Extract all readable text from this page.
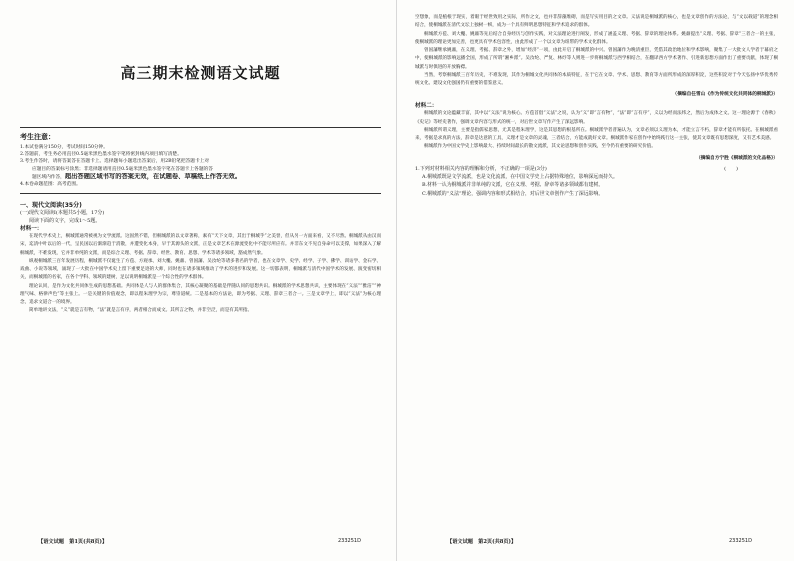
高三期末检测语文试题
考生注意：
1.本试卷满分150分，考试时间150分钟。
2.答题前，考生务必用直径0.5毫米黑色墨水签字笔将密封线内项目填写清楚。
3.考生作答时，请将答案答在答题卡上。选择题每小题选出答案后，用2B铅笔把答题卡上对
应题目的答案标号涂黑；非选择题请用直径0.5毫米黑色墨水签字笔在答题卡上各题的答
题区域内作答，超出答题区域书写的答案无效，在试题卷、草稿纸上作答无效。
4.本卷命题范围：高考范围。
一、现代文阅读(35分)
(一)现代文阅读Ⅰ(本题共5小题，17分)
阅读下面的文字，完成1～5题。
材料一：

在现代学术史上，桐城派通常被视为文学流派。这固然不错，但桐城派的以文章著称，素有“天下文章，其出于桐城乎”之美誉，但从另一方面来看，又不尽然。桐城派从由汉而宋，迄清中叶以后的一代，呈民国以后渐渐趋于消散，并遭变化本身，早于其源头的文派，正是文章艺术在源流变化中不能尽所应有。并非东文不见自身命可以支撑，如果深入了解桐城派，不难发现，它并非单纯的文派，而是综合义理、考据、辞章、经世、教育、思想、学术等诸多领域，豁成然气象。

纵观桐城派三百年发展历程，桐城派不仅诞生了方苞、方观承、刘大櫆、姚鼐、曾国藩、吴汝纶等诸多著名的学者，也在文章学、史学、经学、子学、佛学、训诂学、金石学、戏曲、小说等领域，涌现了一大批在中国学术史上留下重要足迹的大师，同时也在诸多领域推动了学术的进步和发展。这一切都表明，桐城派与清代中国学术的发展、演变密切相关，而桐城派的名家，在各个学科、领域的建树，足以说明桐城派是一个综合性的学术群体。

理论认同，是作为文化共同体生成的思想基础。共同体是人与人的群体集合，其核心凝聚的基础是伴随认同的思想共识。桐城派的学术思想共识，主要体现在“义法”“雅洁”“神理气味、格律声色”等主张上。一是关键的价值观念，即以程朱理学为宗，尊崇道统。二是基本的方法论，即为考据、义理、辞章三者合一。三是文章学上，即以“义法”为核心理念，追求文道合一的境界。

简单地讲文法，“义”就是言有物，“法”就是言有序，两者相合而成文。其所言之物，并非空泛，而是有其所指。

【语文试题　第1页(共8页)】	233251D

空想象，而是植根于现实，着眼于经世致用之实际，所作之文，也并非辞藻堆砌，而是写实用目的之文章。义法说是桐城派的核心，也是文章创作的方法论，与“文以载道”的理念相结合，使桐城派在清代文坛上独树一帜，成为一个具有鲜明思想特征和学术追求的群体。

桐城派方苞、刘大櫆、姚鼐等先后结合自身经历与创作实践，对义法理论进行阐发，形成了涵盖义理、考据、辞章的理论体系。姚鼐提出“义理、考据、辞章”三者合一的主张，使桐城派的理论更加完善，也更具有学术包容性，由此形成了一个以文章为纽带的学术文化群体。

曾国藩继承姚鼐，在义理、考据、辞章之外，增加“经济”一项，由此开启了桐城派的中兴。曾国藩作为晚清重臣，凭借其政治地位和学术影响，聚集了一大批文人学者于幕府之中，使桐城派的影响远播全国，形成了所谓“湘乡派”。吴汝纶、严复、林纾等人则进一步将桐城派与西学相结合，在翻译西方学术著作、引进新思想方面作出了重要贡献，体现了桐城派与时俱进的开放胸襟。

当然，考察桐城派三百年历史，不难发现，其作为桐城文化共同体的本质特征，在于它在文章、学术、思想、教育等方面所形成的深厚积淀，这些积淀对于今天弘扬中华优秀传统文化、建设文化强国仍有重要的借鉴意义。

（摘编自任雪山《作为传统文化共同体的桐城派》）
材料二：

桐城派的文论蕴藏丰富，其中以“义法”说为核心。方苞首倡“义法”之说，认为“义”即“言有物”，“法”即“言有序”，义以为经而法纬之，然后为成体之文。这一理论源于《春秋》《史记》等经史著作，强调文章内容与形式的统一，对后世文章写作产生了深远影响。

桐城派所谓义理，主要是指儒家思想，尤其是程朱理学，这是其思想的根基所在。桐城派学者普遍认为，文章必须以义理为本，才能立言不朽，辞章才能有所依托。在桐城派看来，考据是求真的方法，辞章是达意的工具，义理才是文章的灵魂，三者结合，方能成就好文章。桐城派作家在创作中始终践行这一主张，使其文章既有思想深度，又有艺术美感。

桐城派作为中国文学史上影响最大、持续时间最长的散文流派，其文论思想和创作实践，至今仍有重要的研究价值。

（摘编自方宁胜《桐城派的文化品格》）
1.下列对材料相关内容的理解和分析，不正确的一项是(3分)	(　　)
A.桐城派既是文学流派，也是文化流派，在中国文学史上占据特殊地位，影响深远而持久。
B.材料一认为桐城派并非单纯的文派，它在义理、考据、辞章等诸多领域都有建树。
C.桐城派的“义法”理论，强调内容和形式相结合，对后世文章创作产生了深远影响。
【语文试题　第2页(共8页)】	233251D
